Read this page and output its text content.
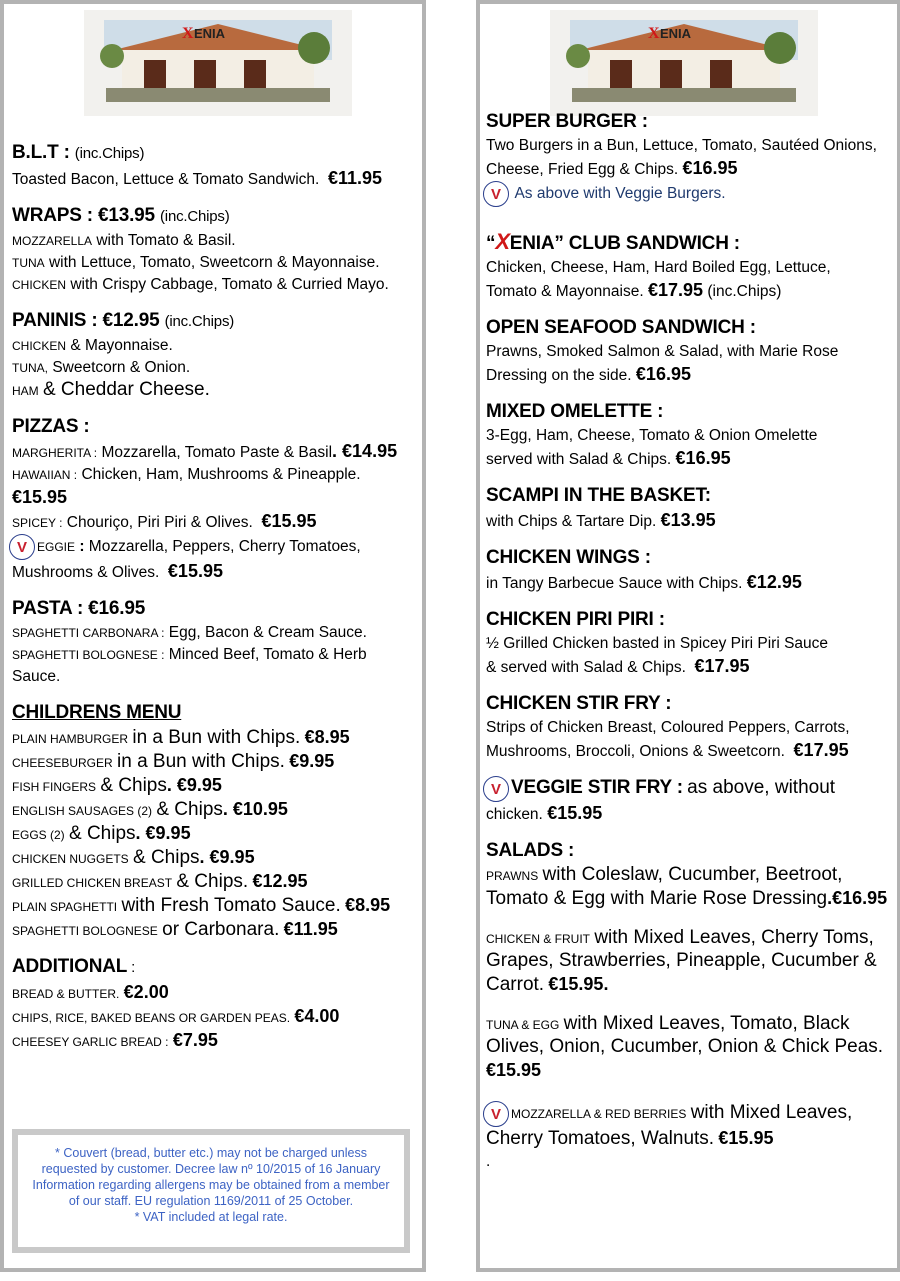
X ENIA
B.L.T : (inc.Chips)
Toasted Bacon, Lettuce & Tomato Sandwich. €11.95
WRAPS : €13.95 (inc.Chips)
MOZZARELLA with Tomato & Basil.
TUNA with Lettuce, Tomato, Sweetcorn & Mayonnaise.
CHICKEN with Crispy Cabbage, Tomato & Curried Mayo.
PANINIS : €12.95 (inc.Chips)
CHICKEN & Mayonnaise.
TUNA, Sweetcorn & Onion.
HAM & Cheddar Cheese.
PIZZAS :
MARGHERITA : Mozzarella, Tomato Paste & Basil. €14.95
HAWAIIAN : Chicken, Ham, Mushrooms & Pineapple.
€15.95
SPICEY : Chouriço, Piri Piri & Olives. €15.95
V EGGIE : Mozzarella, Peppers, Cherry Tomatoes,
Mushrooms & Olives. €15.95
PASTA : €16.95
SPAGHETTI CARBONARA : Egg, Bacon & Cream Sauce.
SPAGHETTI BOLOGNESE : Minced Beef, Tomato & Herb
Sauce.
CHILDRENS MENU
PLAIN HAMBURGER in a Bun with Chips. €8.95
CHEESEBURGER in a Bun with Chips. €9.95
FISH FINGERS & Chips. €9.95
ENGLISH SAUSAGES (2) & Chips. €10.95
EGGS (2) & Chips. €9.95
CHICKEN NUGGETS & Chips. €9.95
GRILLED CHICKEN BREAST & Chips. €12.95
PLAIN SPAGHETTI with Fresh Tomato Sauce. €8.95
SPAGHETTI BOLOGNESE or Carbonara. €11.95
ADDITIONAL :
BREAD & BUTTER. €2.00
CHIPS, RICE, BAKED BEANS OR GARDEN PEAS. €4.00
CHEESEY GARLIC BREAD : €7.95
* Couvert (bread, butter etc.) may not be charged unless
requested by customer. Decree law nº 10/2015 of 16 January
Information regarding allergens may be obtained from a member
of our staff. EU regulation 1169/2011 of 25 October.
* VAT included at legal rate.
X ENIA
SUPER BURGER :
Two Burgers in a Bun, Lettuce, Tomato, Sautéed Onions,
Cheese, Fried Egg & Chips. €16.95
V As above with Veggie Burgers.
“XENIA” CLUB SANDWICH :
Chicken, Cheese, Ham, Hard Boiled Egg, Lettuce,
Tomato & Mayonnaise. €17.95 (inc.Chips)
OPEN SEAFOOD SANDWICH :
Prawns, Smoked Salmon & Salad, with Marie Rose
Dressing on the side. €16.95
MIXED OMELETTE :
3-Egg, Ham, Cheese, Tomato & Onion Omelette
served with Salad & Chips. €16.95
SCAMPI IN THE BASKET:
with Chips & Tartare Dip. €13.95
CHICKEN WINGS :
in Tangy Barbecue Sauce with Chips. €12.95
CHICKEN PIRI PIRI :
½ Grilled Chicken basted in Spicey Piri Piri Sauce
& served with Salad & Chips. €17.95
CHICKEN STIR FRY :
Strips of Chicken Breast, Coloured Peppers, Carrots,
Mushrooms, Broccoli, Onions & Sweetcorn. €17.95
V VEGGIE STIR FRY : as above, without
chicken. €15.95
SALADS :
PRAWNS with Coleslaw, Cucumber, Beetroot,
Tomato & Egg with Marie Rose Dressing.€16.95
CHICKEN & FRUIT with Mixed Leaves, Cherry Toms,
Grapes, Strawberries, Pineapple, Cucumber &
Carrot. €15.95.
TUNA & EGG with Mixed Leaves, Tomato, Black
Olives, Onion, Cucumber, Onion & Chick Peas.
€15.95
V MOZZARELLA & RED BERRIES with Mixed Leaves,
Cherry Tomatoes, Walnuts. €15.95
.
